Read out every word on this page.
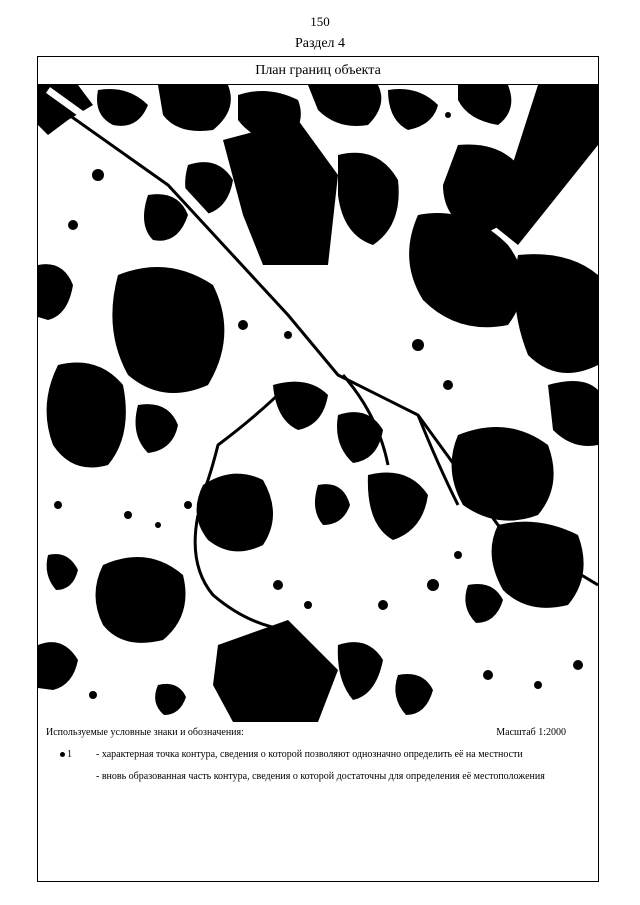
150
Раздел 4
План границ объекта
Используемые условные знаки и обозначения:	Масштаб 1:2000
1 - характерная точка контура, сведения о которой позволяют однозначно определить её на местности
- вновь образованная часть контура, сведения о которой достаточны для определения её местоположения
